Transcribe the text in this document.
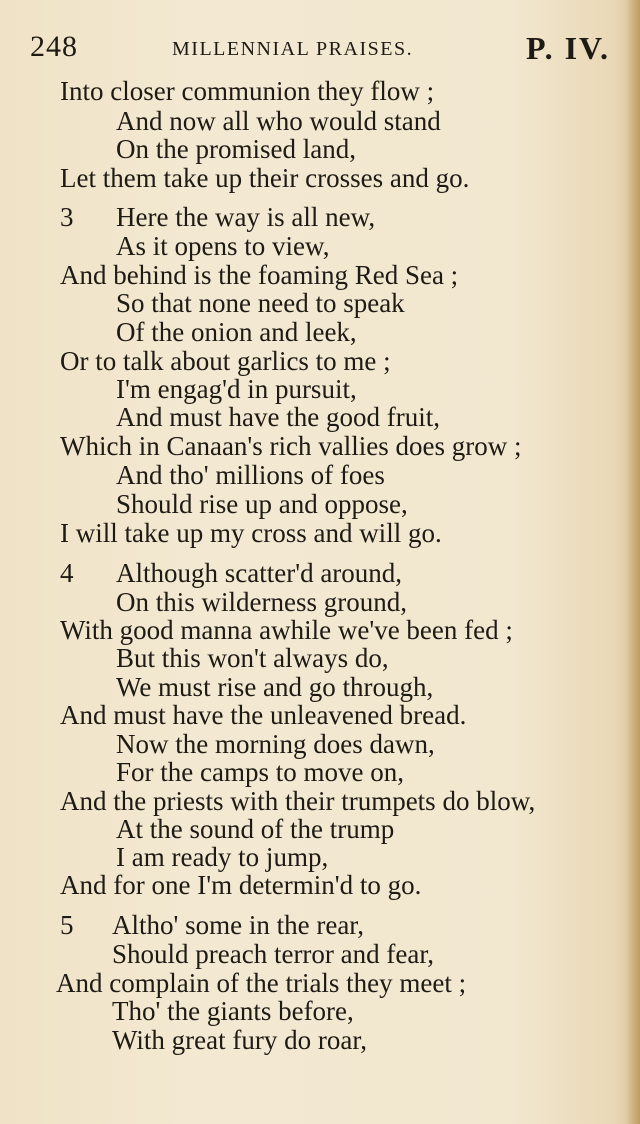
248	MILLENNIAL PRAISES.	P. IV.
Into closer communion they flow ;
And now all who would stand
On the promised land,
Let them take up their crosses and go.
3 Here the way is all new,
As it opens to view,
And behind is the foaming Red Sea ;
So that none need to speak
Of the onion and leek,
Or to talk about garlics to me ;
I'm engag'd in pursuit,
And must have the good fruit,
Which in Canaan's rich vallies does grow ;
And tho' millions of foes
Should rise up and oppose,
I will take up my cross and will go.
4 Although scatter'd around,
On this wilderness ground,
With good manna awhile we've been fed ;
But this won't always do,
We must rise and go through,
And must have the unleavened bread.
Now the morning does dawn,
For the camps to move on,
And the priests with their trumpets do blow,
At the sound of the trump
I am ready to jump,
And for one I'm determin'd to go.
5 Altho' some in the rear,
Should preach terror and fear,
And complain of the trials they meet ;
Tho' the giants before,
With great fury do roar,
